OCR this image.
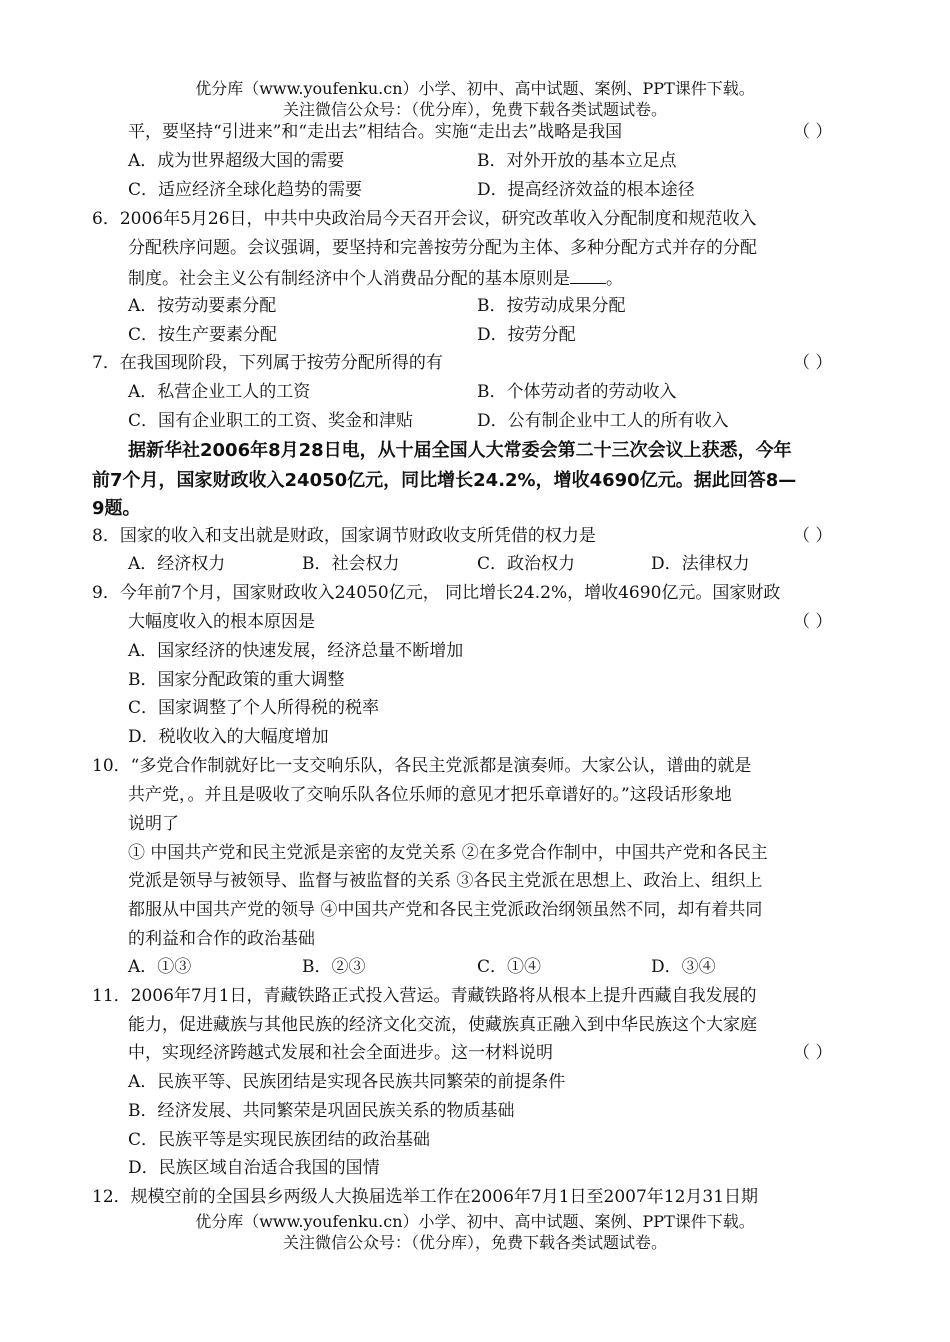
优分库（www.youfenku.cn）小学、初中、高中试题、案例、PPT课件下载。
关注微信公众号：（优分库），免费下载各类试题试卷。
平，要坚持“引进来”和“走出去”相结合。实施“走出去”战略是我国	（ ）
A．成为世界超级大国的需要	B．对外开放的基本立足点
C．适应经济全球化趋势的需要	D．提高经济效益的根本途径
6．2006年5月26日，中共中央政治局今天召开会议，研究改革收入分配制度和规范收入
分配秩序问题。会议强调，要坚持和完善按劳分配为主体、多种分配方式并存的分配
制度。社会主义公有制经济中个人消费品分配的基本原则是 。
A．按劳动要素分配	B．按劳动成果分配
C．按生产要素分配	D．按劳分配
7．在我国现阶段，下列属于按劳分配所得的有	（ ）
A．私营企业工人的工资	B．个体劳动者的劳动收入
C．国有企业职工的工资、奖金和津贴	D．公有制企业中工人的所有收入
据新华社2006年8月28日电，从十届全国人大常委会第二十三次会议上获悉，今年
前7个月，国家财政收入24050亿元，同比增长24.2%，增收4690亿元。据此回答8—
9题。
8．国家的收入和支出就是财政，国家调节财政收支所凭借的权力是	（ ）
A．经济权力	B．社会权力	C．政治权力	D．法律权力
9．今年前7个月，国家财政收入24050亿元， 同比增长24.2%，增收4690亿元。国家财政
大幅度收入的根本原因是	（ ）
A．国家经济的快速发展，经济总量不断增加
B．国家分配政策的重大调整
C．国家调整了个人所得税的税率
D．税收收入的大幅度增加
10．“多党合作制就好比一支交响乐队，各民主党派都是演奏师。大家公认，谱曲的就是
共产党，。并且是吸收了交响乐队各位乐师的意见才把乐章谱好的。”这段话形象地
说明了
① 中国共产党和民主党派是亲密的友党关系 ②在多党合作制中，中国共产党和各民主
党派是领导与被领导、监督与被监督的关系 ③各民主党派在思想上、政治上、组织上
都服从中国共产党的领导 ④中国共产党和各民主党派政治纲领虽然不同，却有着共同
的利益和合作的政治基础
A．①③	B．②③	C．①④	D．③④
11．2006年7月1日，青藏铁路正式投入营运。青藏铁路将从根本上提升西藏自我发展的
能力，促进藏族与其他民族的经济文化交流，使藏族真正融入到中华民族这个大家庭
中，实现经济跨越式发展和社会全面进步。这一材料说明	（ ）
A．民族平等、民族团结是实现各民族共同繁荣的前提条件
B．经济发展、共同繁荣是巩固民族关系的物质基础
C．民族平等是实现民族团结的政治基础
D．民族区域自治适合我国的国情
12．规模空前的全国县乡两级人大换届选举工作在2006年7月1日至2007年12月31日期
优分库（www.youfenku.cn）小学、初中、高中试题、案例、PPT课件下载。
关注微信公众号：（优分库），免费下载各类试题试卷。
